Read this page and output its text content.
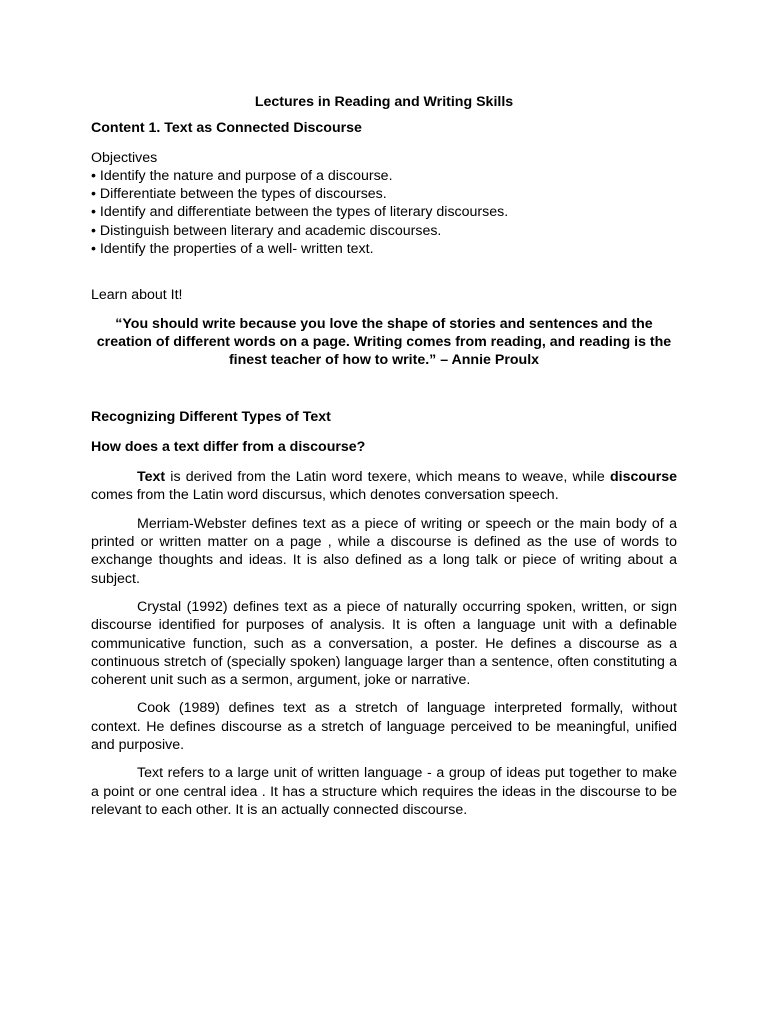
Lectures in Reading and Writing Skills
Content 1. Text as Connected Discourse
Objectives
• Identify the nature and purpose of a discourse.
• Differentiate between the types of discourses.
• Identify and differentiate between the types of literary discourses.
• Distinguish between literary and academic discourses.
• Identify the properties of a well- written text.
Learn about It!
“You should write because you love the shape of stories and sentences and the creation of different words on a page. Writing comes from reading, and reading is the finest teacher of how to write.” – Annie Proulx
Recognizing Different Types of Text
How does a text differ from a discourse?

Text is derived from the Latin word texere, which means to weave, while discourse comes from the Latin word discursus, which denotes conversation speech.

Merriam-Webster defines text as a piece of writing or speech or the main body of a printed or written matter on a page , while a discourse is defined as the use of words to exchange thoughts and ideas. It is also defined as a long talk or piece of writing about a subject.

Crystal (1992) defines text as a piece of naturally occurring spoken, written, or sign discourse identified for purposes of analysis. It is often a language unit with a definable communicative function, such as a conversation, a poster. He defines a discourse as a continuous stretch of (specially spoken) language larger than a sentence, often constituting a coherent unit such as a sermon, argument, joke or narrative.

Cook (1989) defines text as a stretch of language interpreted formally, without context. He defines discourse as a stretch of language perceived to be meaningful, unified and purposive.

Text refers to a large unit of written language - a group of ideas put together to make a point or one central idea . It has a structure which requires the ideas in the discourse to be relevant to each other. It is an actually connected discourse.
